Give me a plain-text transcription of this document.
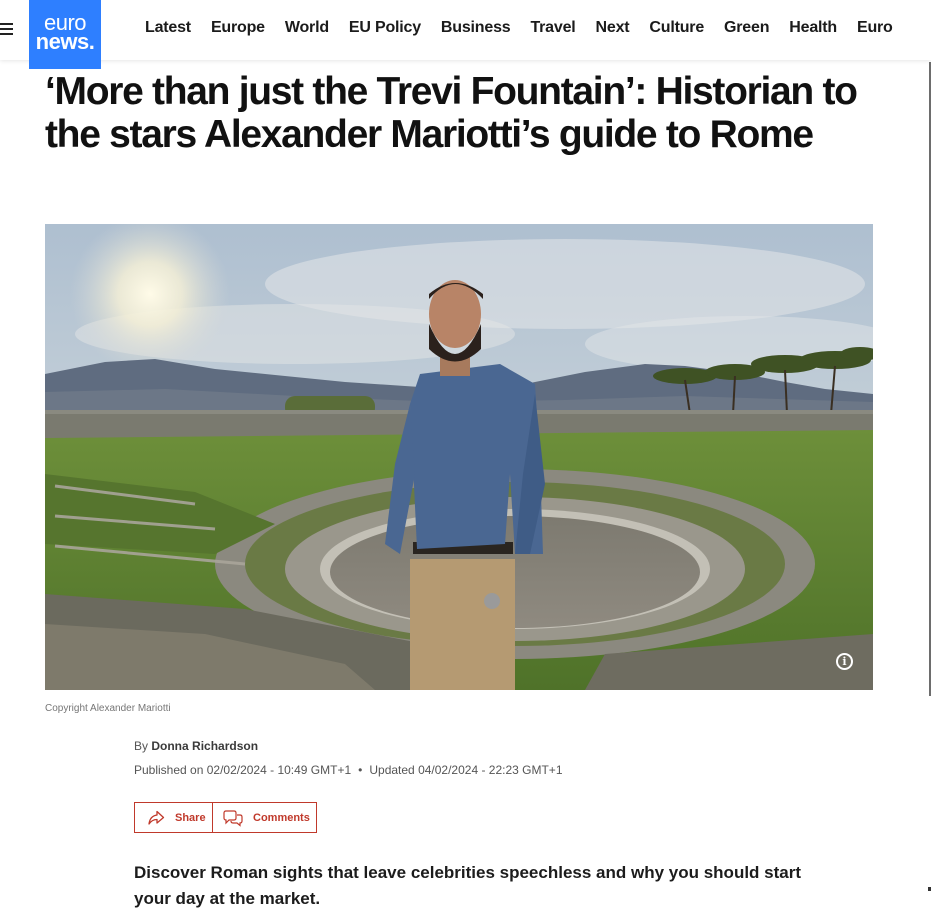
euro
news.
Latest Europe World EU Policy Business Travel Next Culture Green Health Euro
‘More than just the Trevi Fountain’: Historian to the stars Alexander Mariotti’s guide to Rome
i
Copyright Alexander Mariotti
By Donna Richardson
Published on 02/02/2024 - 10:49 GMT+1 • Updated 04/02/2024 - 22:23 GMT+1
Share	Comments

Discover Roman sights that leave celebrities speechless and why you should start your day at the market.
